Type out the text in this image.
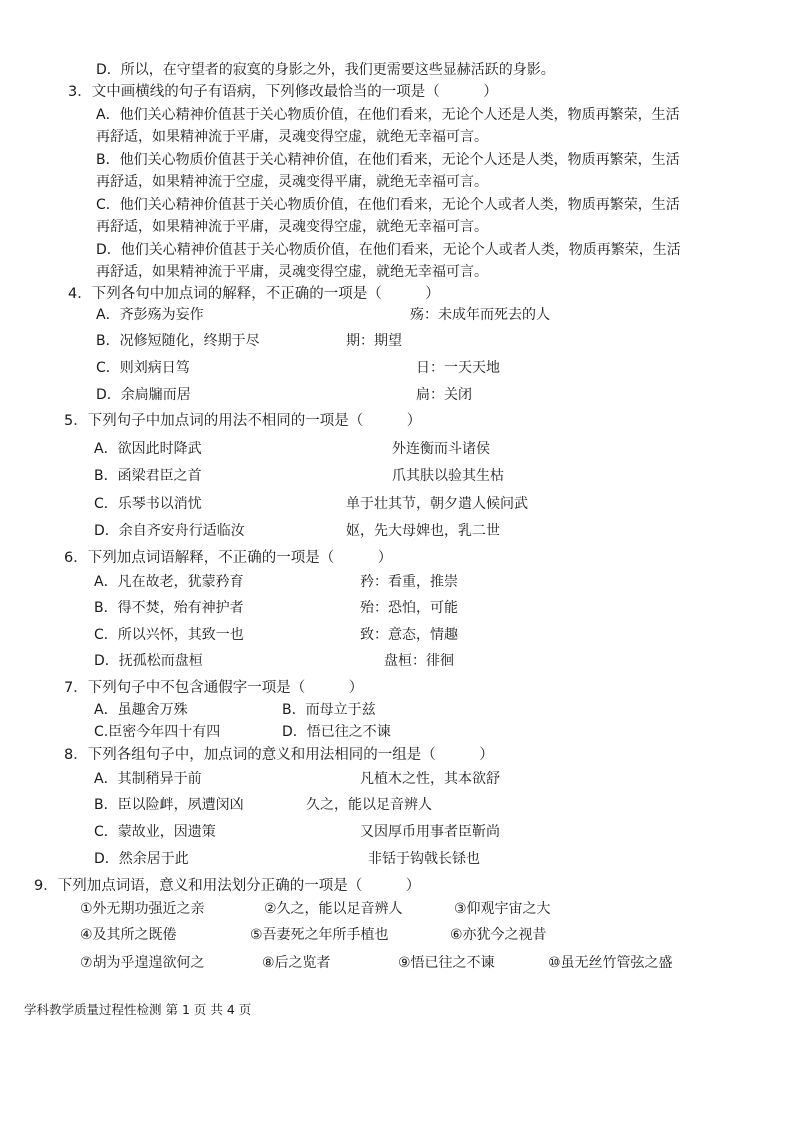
D．所以，在守望者的寂寞的身影之外，我们更需要这些显赫活跃的身影。
3．文中画横线的句子有语病，下列修改最恰当的一项是（　　　）
A．他们关心精神价值甚于关心物质价值，在他们看来，无论个人还是人类，物质再繁荣，生活
再舒适，如果精神流于平庸，灵魂变得空虚，就绝无幸福可言。
B．他们关心物质价值甚于关心精神价值，在他们看来，无论个人还是人类，物质再繁荣，生活
再舒适，如果精神流于空虚，灵魂变得平庸，就绝无幸福可言。
C．他们关心精神价值甚于关心物质价值，在他们看来，无论个人或者人类，物质再繁荣，生活
再舒适，如果精神流于平庸，灵魂变得空虚，就绝无幸福可言。
D．他们关心精神价值甚于关心物质价值，在他们看来，无论个人或者人类，物质再繁荣，生活
再舒适，如果精神流于平庸，灵魂变得空虚，就绝无幸福可言。
4．下列各句中加点词的解释，不正确的一项是（　　　）
A．齐彭殇为妄作	殇：未成年而死去的人
B．况修短随化，终期于尽	期：期望
C．则刘病日笃	日：一天天地
D．余扃牖而居	扃：关闭
5．下列句子中加点词的用法不相同的一项是（　　　）
A．欲因此时降武	外连衡而斗诸侯
B．函梁君臣之首	爪其肤以验其生枯
C．乐琴书以消忧	单于壮其节，朝夕遣人候问武
D．余自齐安舟行适临汝	妪，先大母婢也，乳二世
6．下列加点词语解释，不正确的一项是（　　　）
A．凡在故老，犹蒙矜育	矜：看重，推崇
B．得不焚，殆有神护者	殆：恐怕，可能
C．所以兴怀，其致一也	致：意态，情趣
D．抚孤松而盘桓	盘桓：徘徊
7．下列句子中不包含通假字一项是（　　　）
A．虽趣舍万殊	B．而母立于兹
C.臣密今年四十有四	D．悟已往之不谏
8．下列各组句子中，加点词的意义和用法相同的一组是（　　　）
A．其制稍异于前	凡植木之性，其本欲舒
B．臣以险衅，夙遭闵凶	久之，能以足音辨人
C．蒙故业，因遗策	又因厚币用事者臣靳尚
D．然余居于此	非铦于钩戟长铩也
9．下列加点词语，意义和用法划分正确的一项是（　　　）
①外无期功强近之亲	②久之，能以足音辨人	③仰观宇宙之大
④及其所之既倦	⑤吾妻死之年所手植也	⑥亦犹今之视昔
⑦胡为乎遑遑欲何之	⑧后之览者	⑨悟已往之不谏	⑩虽无丝竹管弦之盛
学科教学质量过程性检测 第 1 页 共 4 页
